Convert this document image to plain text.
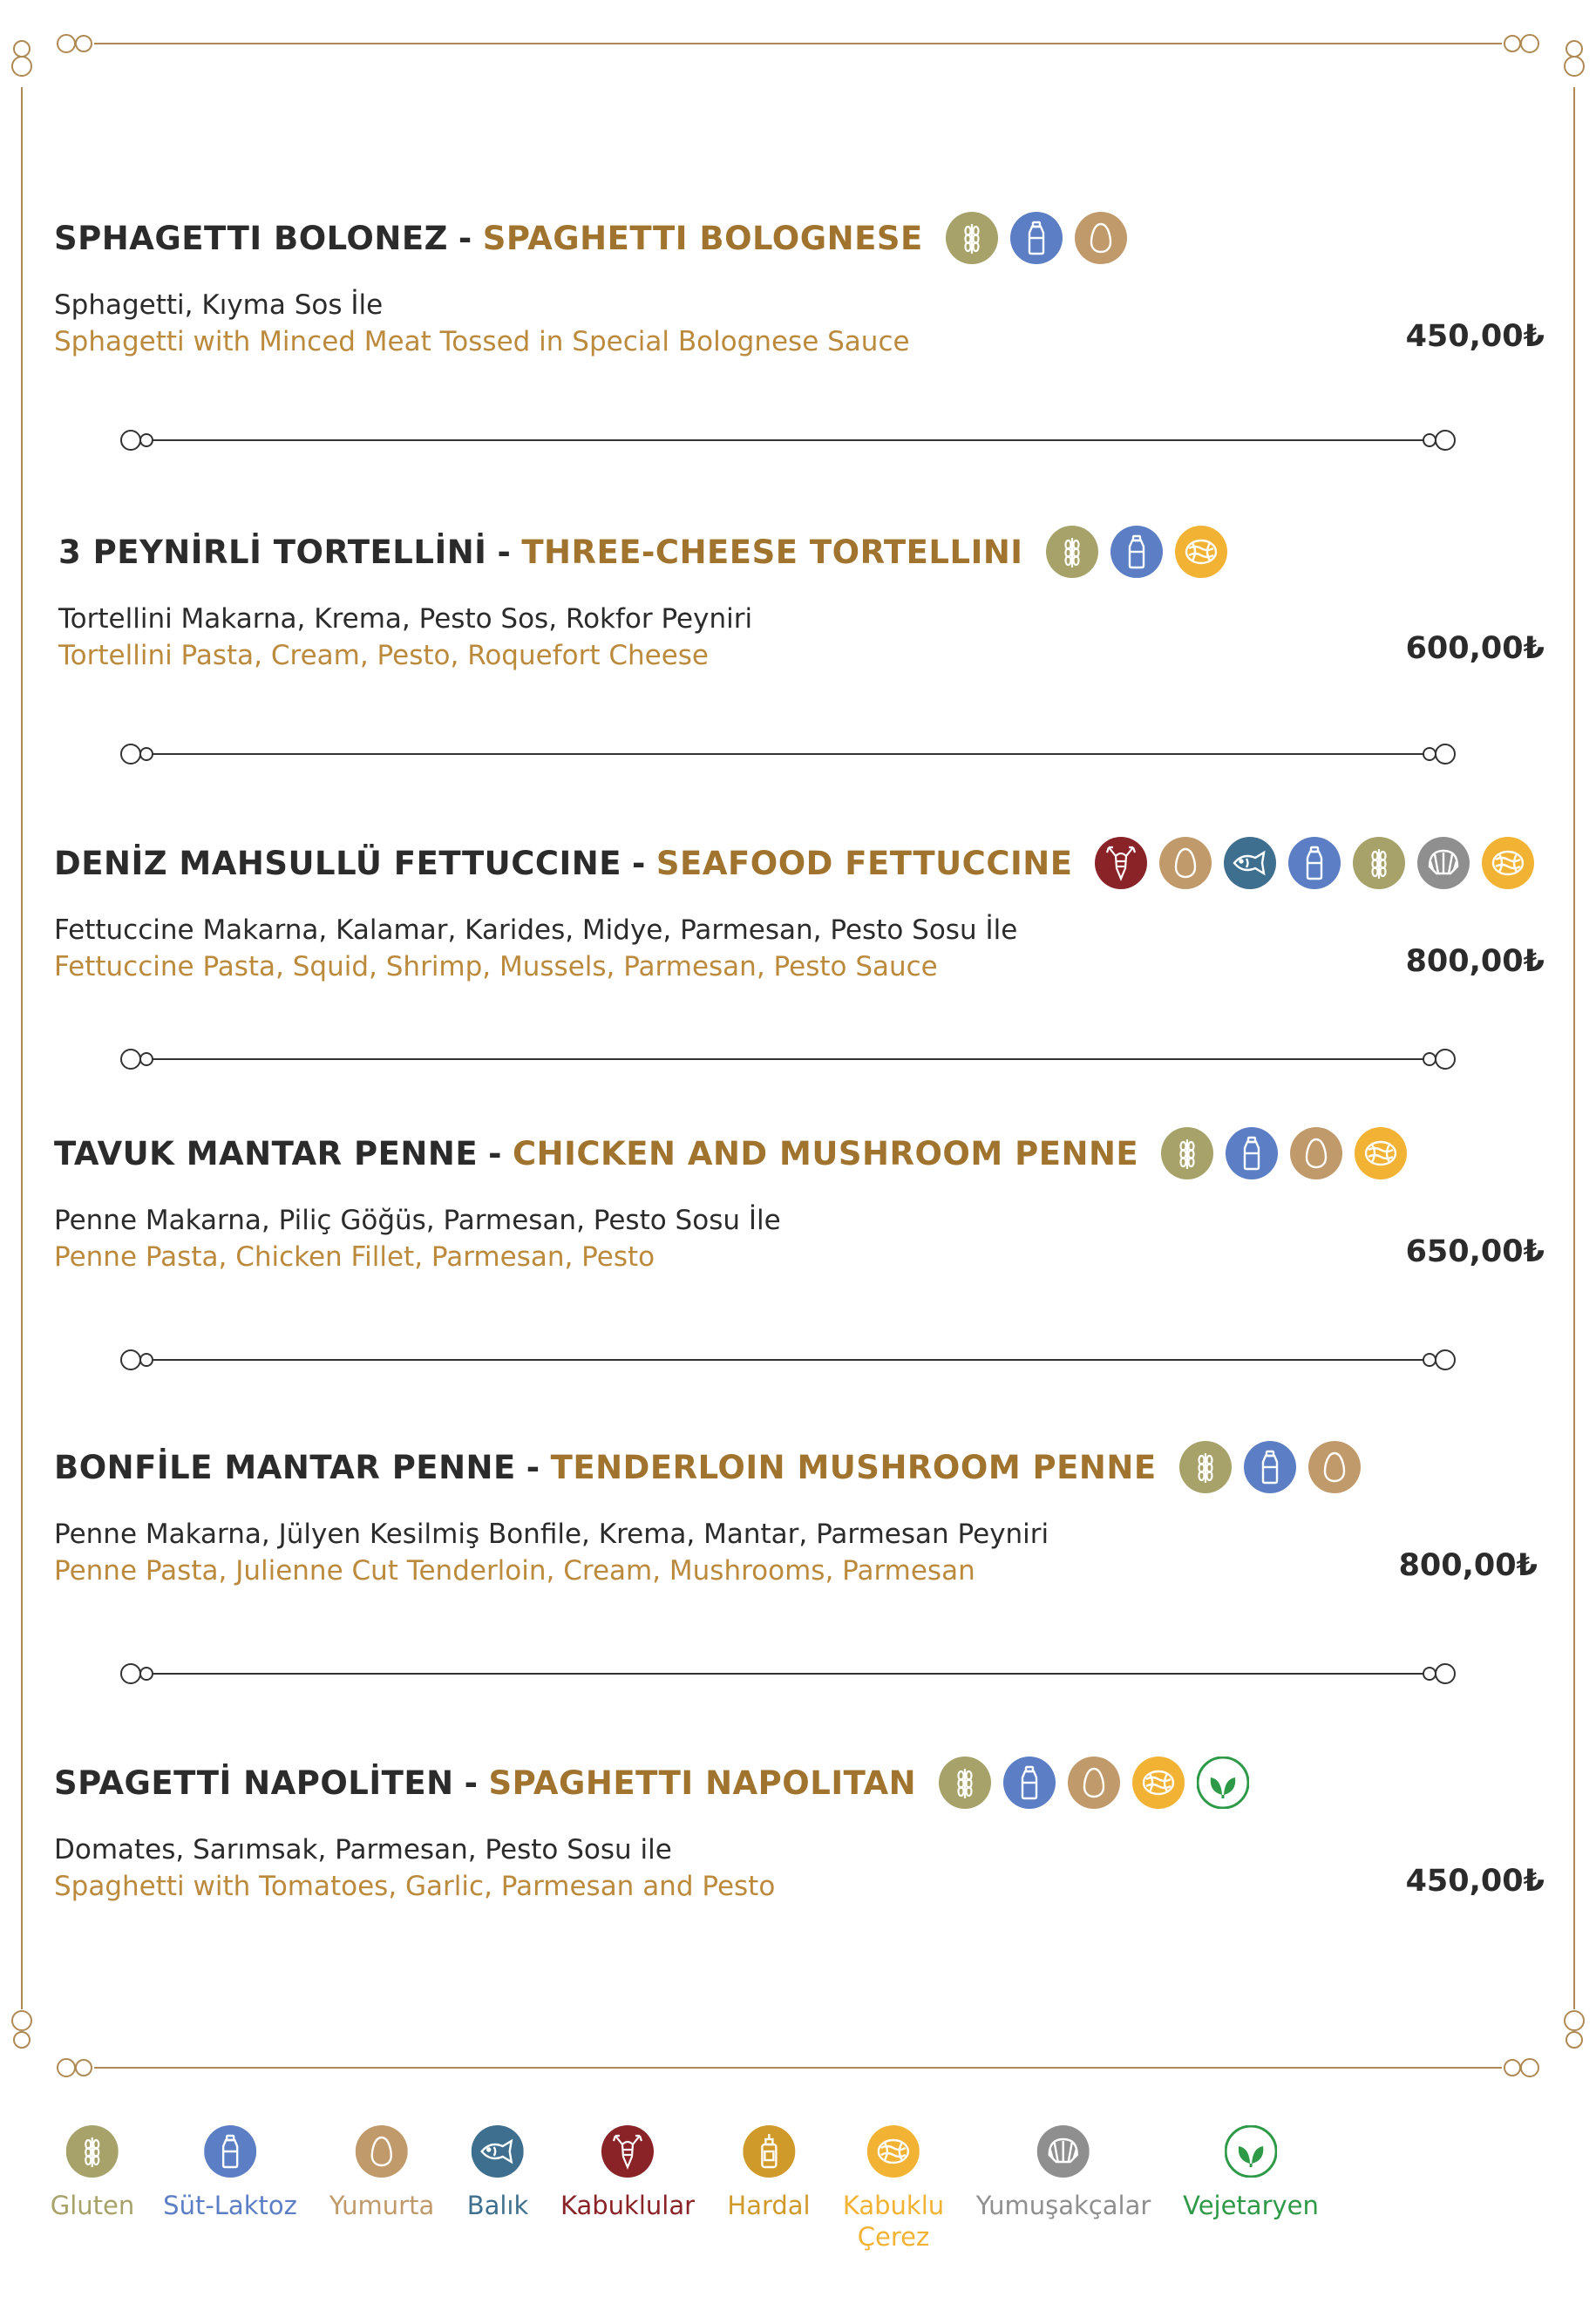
SPHAGETTI BOLONEZ - SPAGHETTI BOLOGNESE
Sphagetti, Kıyma Sos İle
Sphagetti with Minced Meat Tossed in Special Bolognese Sauce	450,00₺
3 PEYNİRLİ TORTELLİNİ - THREE-CHEESE TORTELLINI
Tortellini Makarna, Krema, Pesto Sos, Rokfor Peyniri
Tortellini Pasta, Cream, Pesto, Roquefort Cheese	600,00₺
DENİZ MAHSULLÜ FETTUCCINE - SEAFOOD FETTUCCINE
Fettuccine Makarna, Kalamar, Karides, Midye, Parmesan, Pesto Sosu İle
Fettuccine Pasta, Squid, Shrimp, Mussels, Parmesan, Pesto Sauce	800,00₺
TAVUK MANTAR PENNE - CHICKEN AND MUSHROOM PENNE
Penne Makarna, Piliç Göğüs, Parmesan, Pesto Sosu İle
Penne Pasta, Chicken Fillet, Parmesan, Pesto	650,00₺
BONFİLE MANTAR PENNE - TENDERLOIN MUSHROOM PENNE
Penne Makarna, Jülyen Kesilmiş Bonfile, Krema, Mantar, Parmesan Peyniri
Penne Pasta, Julienne Cut Tenderloin, Cream, Mushrooms, Parmesan	800,00₺
SPAGETTİ NAPOLİTEN - SPAGHETTI NAPOLITAN
Domates, Sarımsak, Parmesan, Pesto Sosu ile
Spaghetti with Tomatoes, Garlic, Parmesan and Pesto	450,00₺
Gluten Süt-Laktoz Yumurta Balık Kabuklular Hardal Kabuklu
Çerez
Yumuşakçalar Vejetaryen
